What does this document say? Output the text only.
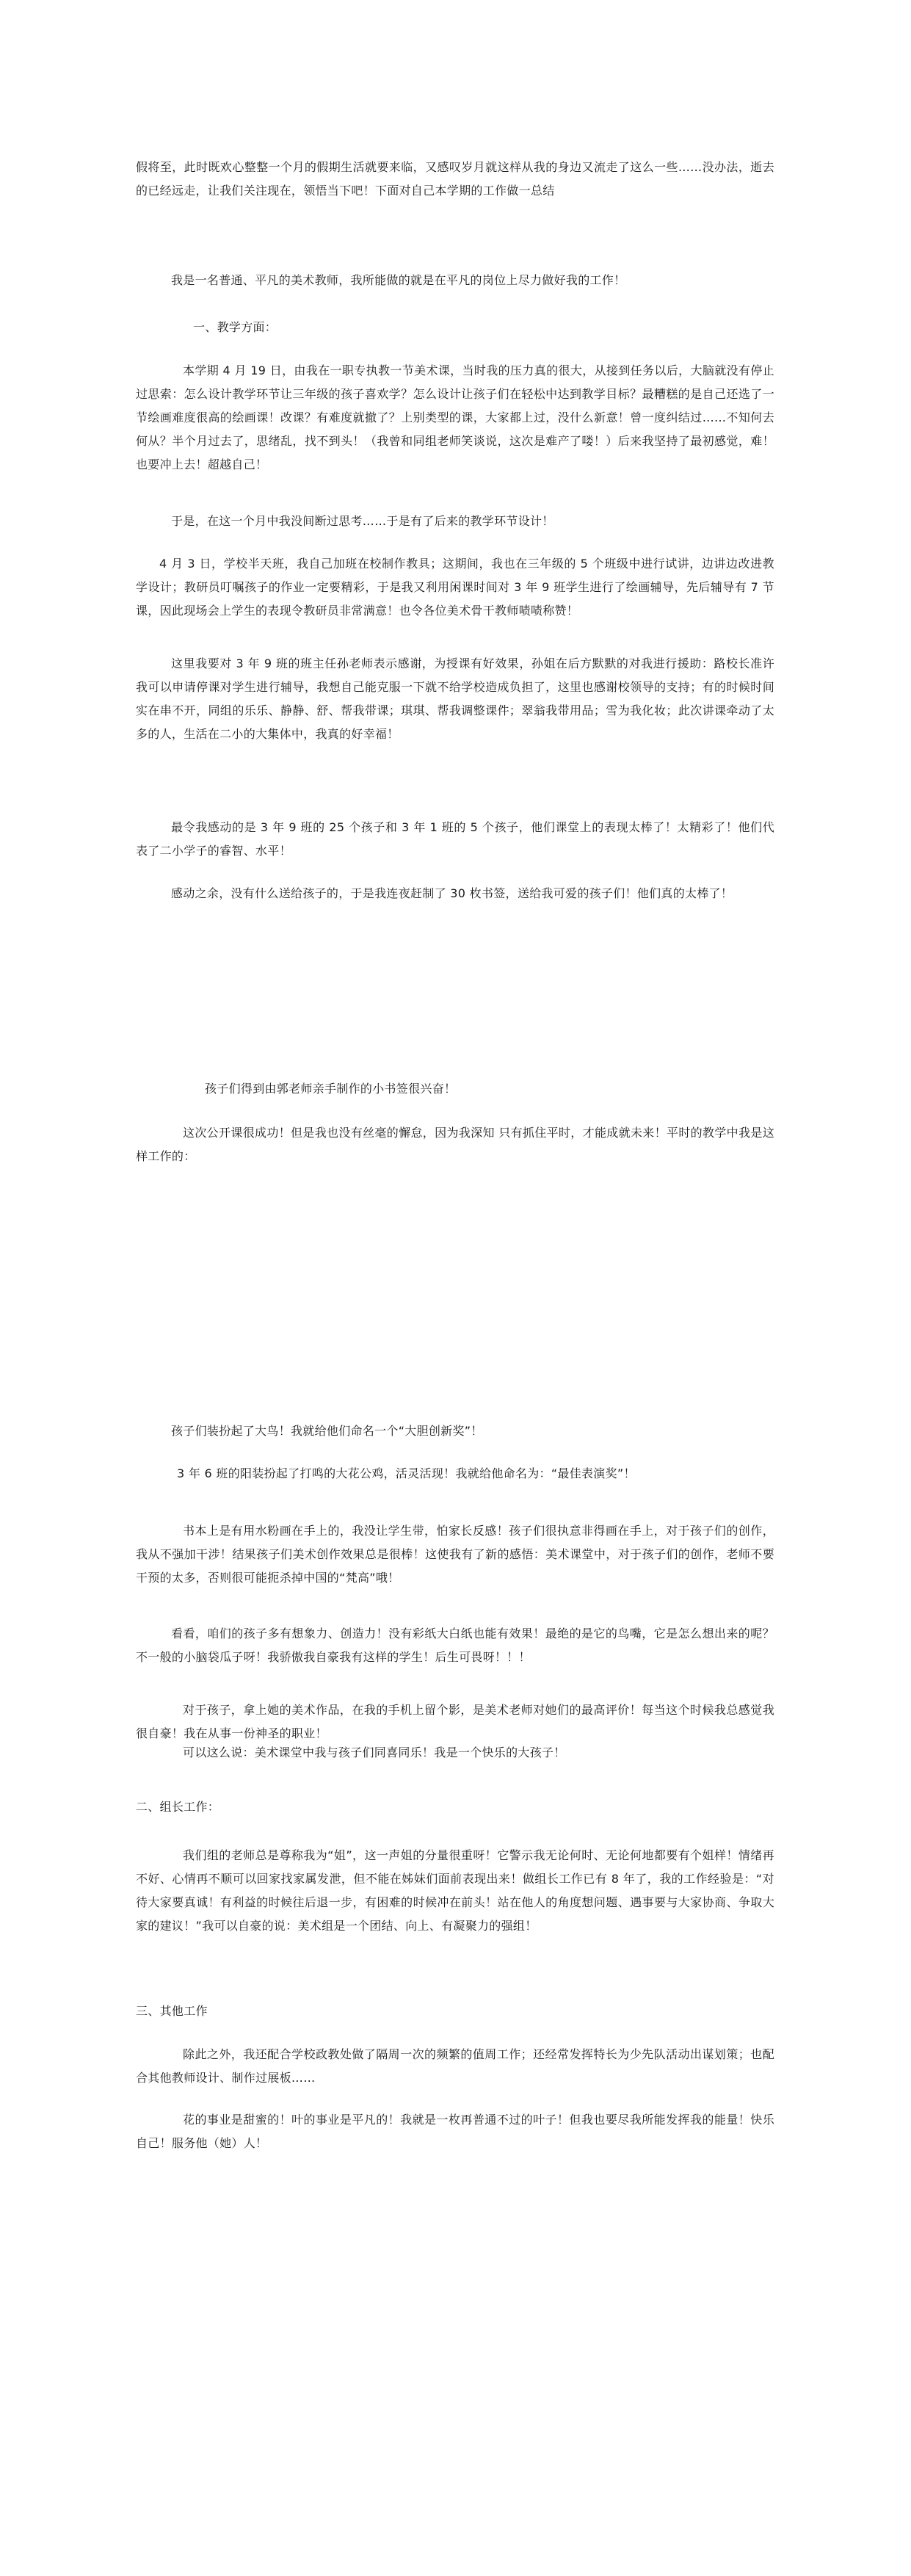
假将至，此时既欢心整整一个月的假期生活就要来临，又感叹岁月就这样从我的身边又流走了这么一些……没办法，逝去的已经远走，让我们关注现在，领悟当下吧！下面对自己本学期的工作做一总结

我是一名普通、平凡的美术教师，我所能做的就是在平凡的岗位上尽力做好我的工作！

一、教学方面：

本学期 4 月 19 日，由我在一职专执教一节美术课，当时我的压力真的很大，从接到任务以后，大脑就没有停止过思索：怎么设计教学环节让三年级的孩子喜欢学？怎么设计让孩子们在轻松中达到教学目标？最糟糕的是自己还选了一节绘画难度很高的绘画课！改课？有难度就撤了？上别类型的课，大家都上过，没什么新意！曾一度纠结过……不知何去何从？半个月过去了，思绪乱，找不到头！（我曾和同组老师笑谈说，这次是难产了喽！）后来我坚持了最初感觉，难！也要冲上去！超越自己！

于是，在这一个月中我没间断过思考……于是有了后来的教学环节设计！

4 月 3 日，学校半天班，我自己加班在校制作教具；这期间，我也在三年级的 5 个班级中进行试讲，边讲边改进教学设计；教研员叮嘱孩子的作业一定要精彩，于是我又利用闲课时间对 3 年 9 班学生进行了绘画辅导，先后辅导有 7 节课，因此现场会上学生的表现令教研员非常满意！也令各位美术骨干教师啧啧称赞！

这里我要对 3 年 9 班的班主任孙老师表示感谢，为授课有好效果，孙姐在后方默默的对我进行援助：路校长准许我可以申请停课对学生进行辅导，我想自己能克服一下就不给学校造成负担了，这里也感谢校领导的支持；有的时候时间实在串不开，同组的乐乐、静静、舒、帮我带课；琪琪、帮我调整课件；翠翁我带用品；雪为我化妆；此次讲课牵动了太多的人，生活在二小的大集体中，我真的好幸福！

最令我感动的是 3 年 9 班的 25 个孩子和 3 年 1 班的 5 个孩子，他们课堂上的表现太棒了！太精彩了！他们代表了二小学子的睿智、水平！

感动之余，没有什么送给孩子的，于是我连夜赶制了 30 枚书签，送给我可爱的孩子们！他们真的太棒了！

孩子们得到由郭老师亲手制作的小书签很兴奋！

这次公开课很成功！但是我也没有丝毫的懈怠，因为我深知 只有抓住平时，才能成就未来！平时的教学中我是这样工作的：

孩子们装扮起了大鸟！我就给他们命名一个“大胆创新奖”！

3 年 6 班的阳装扮起了打鸣的大花公鸡，活灵活现！我就给他命名为：“最佳表演奖”！

书本上是有用水粉画在手上的，我没让学生带，怕家长反感！孩子们很执意非得画在手上，对于孩子们的创作，我从不强加干涉！结果孩子们美术创作效果总是很棒！这使我有了新的感悟：美术课堂中，对于孩子们的创作，老师不要干预的太多，否则很可能扼杀掉中国的“梵高”哦！

看看，咱们的孩子多有想象力、创造力！没有彩纸大白纸也能有效果！最绝的是它的鸟嘴，它是怎么想出来的呢？不一般的小脑袋瓜子呀！我骄傲我自豪我有这样的学生！后生可畏呀！！！

对于孩子，拿上她的美术作品，在我的手机上留个影，是美术老师对她们的最高评价！每当这个时候我总感觉我很自豪！我在从事一份神圣的职业！

可以这么说：美术课堂中我与孩子们同喜同乐！我是一个快乐的大孩子！

二、组长工作：

我们组的老师总是尊称我为“姐”，这一声姐的分量很重呀！它警示我无论何时、无论何地都要有个姐样！情绪再不好、心情再不顺可以回家找家属发泄，但不能在姊妹们面前表现出来！做组长工作已有 8 年了，我的工作经验是：“对待大家要真诚！有利益的时候往后退一步，有困难的时候冲在前头！站在他人的角度想问题、遇事要与大家协商、争取大家的建议！”我可以自豪的说：美术组是一个团结、向上、有凝聚力的强组！

三、其他工作

除此之外，我还配合学校政教处做了隔周一次的频繁的值周工作；还经常发挥特长为少先队活动出谋划策；也配合其他教师设计、制作过展板……

花的事业是甜蜜的！叶的事业是平凡的！我就是一枚再普通不过的叶子！但我也要尽我所能发挥我的能量！快乐自己！服务他（她）人！
